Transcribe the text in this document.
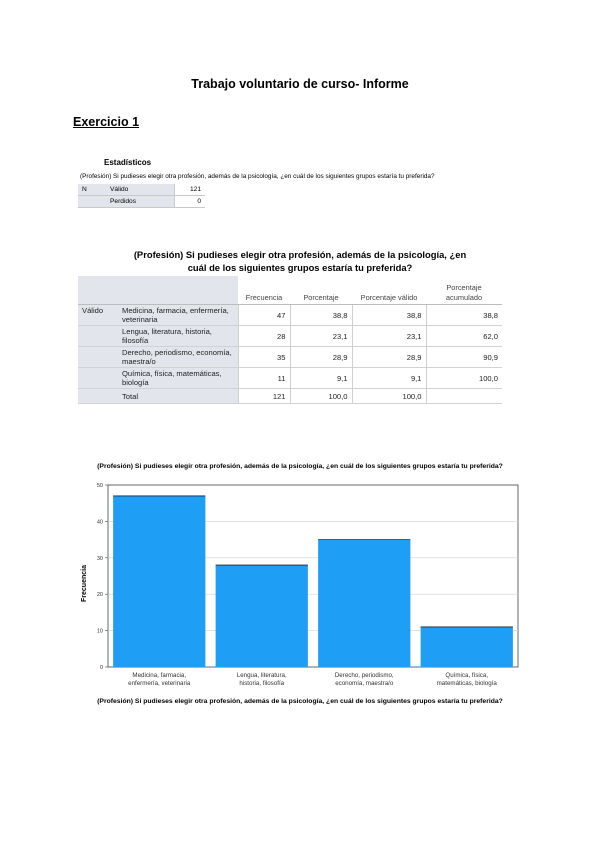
Trabajo voluntario de curso- Informe
Exercicio 1
Estadísticos
(Profesión) Si pudieses elegir otra profesión, además de la psicología, ¿en cuál de los siguientes grupos estaría tu preferida?
N	Válido	121
	Perdidos	0
(Profesión) Si pudieses elegir otra profesión, además de la psicología, ¿en
cuál de los siguientes grupos estaría tu preferida?
		Frecuencia	Porcentaje	Porcentaje válido	Porcentaje acumulado
Válido	Medicina, farmacia, enfermería, veterinaria	47	38,8	38,8	38,8
	Lengua, literatura, historia, filosofía	28	23,1	23,1	62,0
	Derecho, periodismo, economía, maestra/o	35	28,9	28,9	90,9
	Química, física, matemáticas, biología	11	9,1	9,1	100,0
	Total	121	100,0	100,0	
(Profesión) Si pudieses elegir otra profesión, además de la psicología, ¿en cuál de los siguientes grupos estaría tu preferida?
Frecuencia
0
10
20
30
40
50
Medicina, farmacia,
enfermería, veterinaria
Lengua, literatura,
historia, filosofía
Derecho, periodismo,
economía, maestra/o
Química, física,
matemáticas, biología
(Profesión) Si pudieses elegir otra profesión, además de la psicología, ¿en cuál de los siguientes grupos estaría tu preferida?
